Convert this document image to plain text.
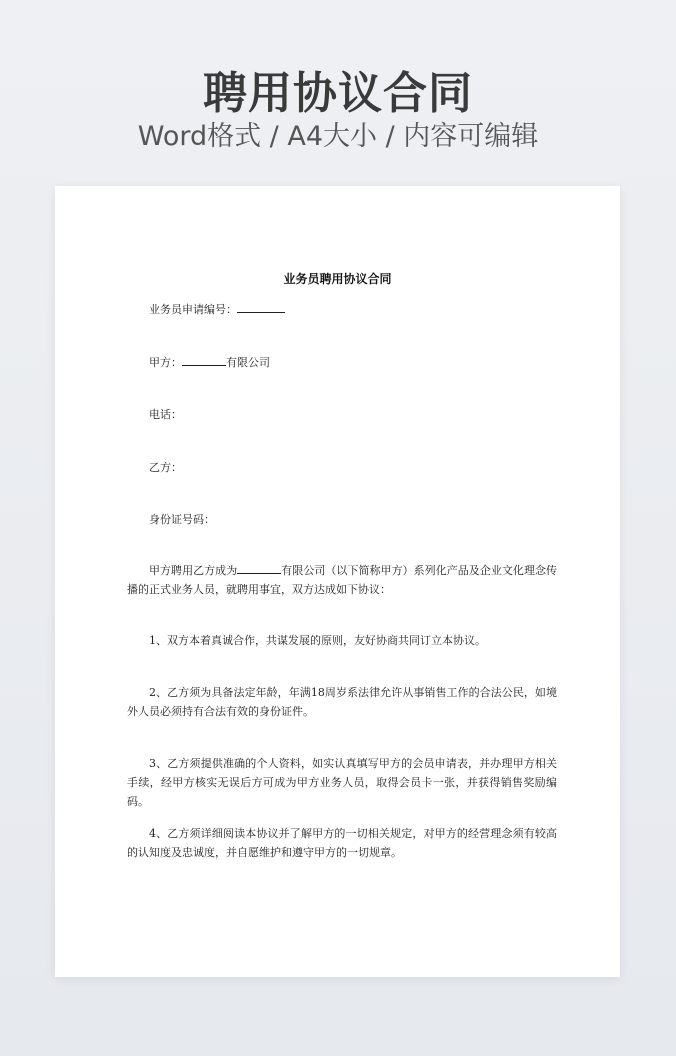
聘用协议合同
Word格式 / A4大小 / 内容可编辑
业务员聘用协议合同
业务员申请编号：
甲方：	有限公司
电话：
乙方：
身份证号码：
甲方聘用乙方成为	有限公司（以下简称甲方）系列化产品及企业文化理念传播的正式业务人员，就聘用事宜，双方达成如下协议：
1、双方本着真诚合作，共谋发展的原则，友好协商共同订立本协议。
2、乙方须为具备法定年龄，年满18周岁系法律允许从事销售工作的合法公民，如境外人员必须持有合法有效的身份证件。
3、乙方须提供准确的个人资料，如实认真填写甲方的会员申请表，并办理甲方相关手续，经甲方核实无误后方可成为甲方业务人员，取得会员卡一张，并获得销售奖励编码。
4、乙方须详细阅读本协议并了解甲方的一切相关规定，对甲方的经营理念须有较高的认知度及忠诚度，并自愿维护和遵守甲方的一切规章。
